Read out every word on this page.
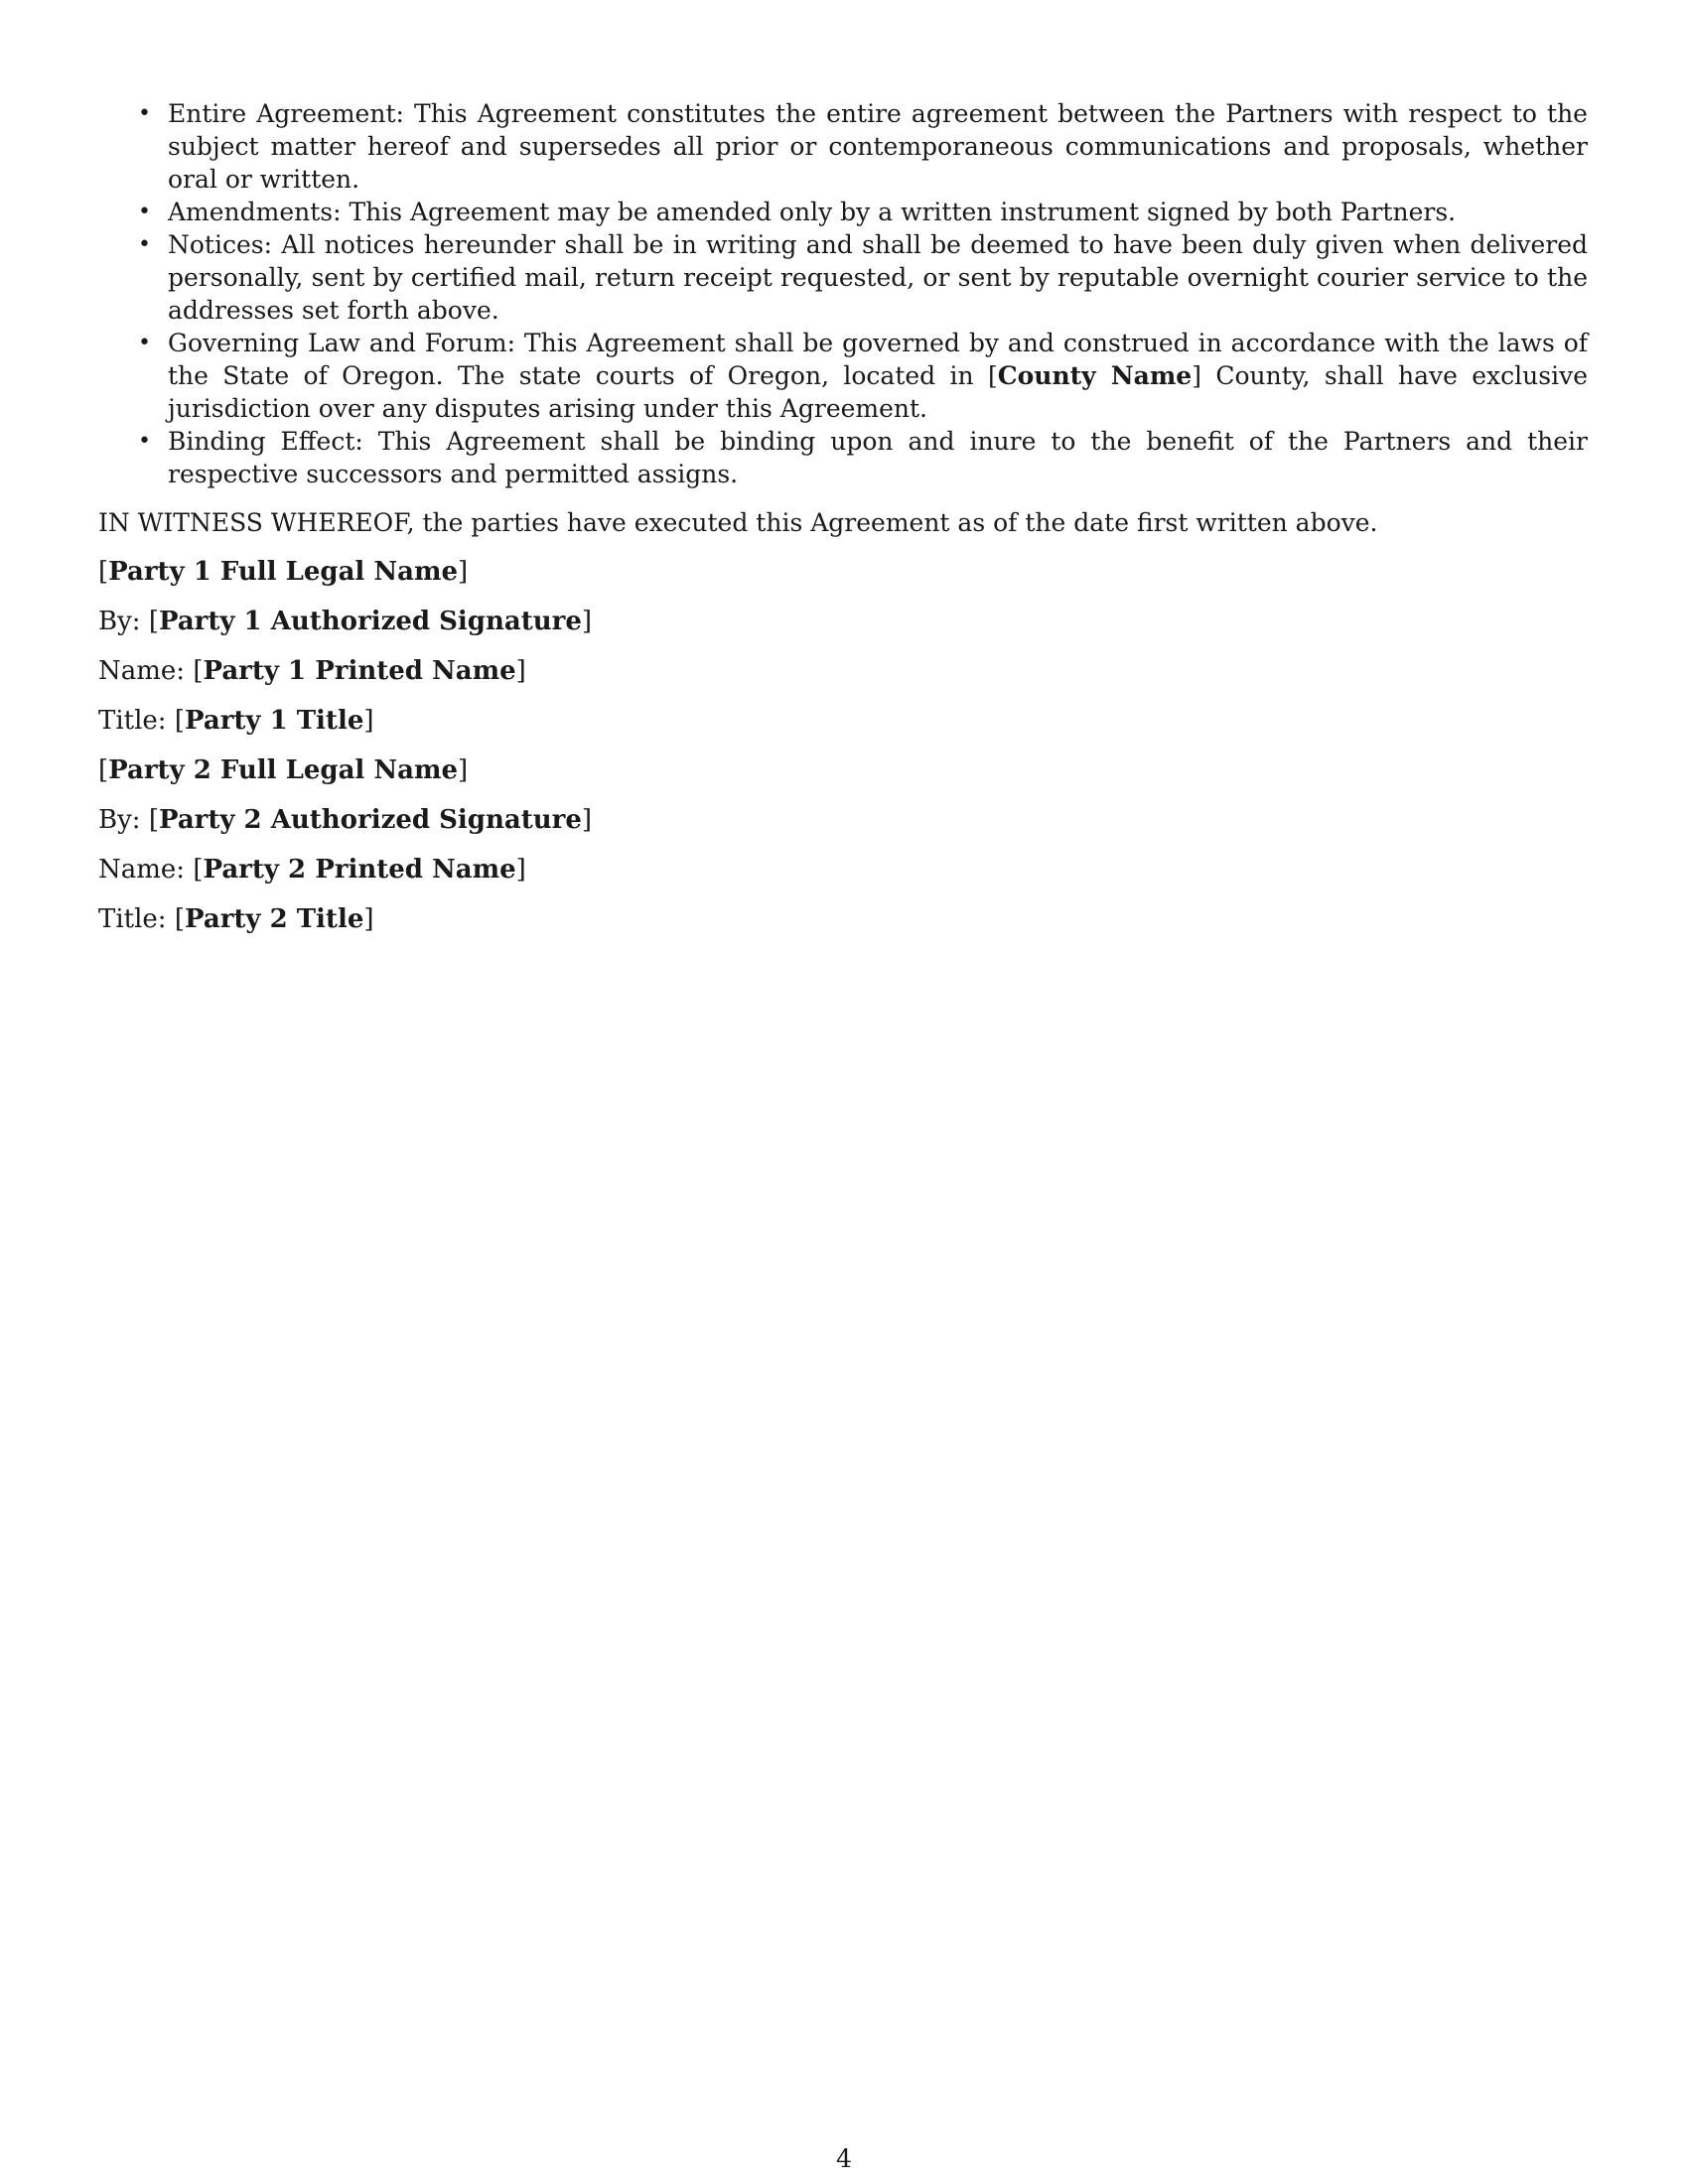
• Entire Agreement: This Agreement constitutes the entire agreement between the Partners with respect to the subject matter hereof and supersedes all prior or contemporaneous communications and proposals, whether oral or written.
• Amendments: This Agreement may be amended only by a written instrument signed by both Partners.
• Notices: All notices hereunder shall be in writing and shall be deemed to have been duly given when delivered personally, sent by certified mail, return receipt requested, or sent by reputable overnight courier service to the addresses set forth above.
• Governing Law and Forum: This Agreement shall be governed by and construed in accordance with the laws of the State of Oregon. The state courts of Oregon, located in [County Name] County, shall have exclusive jurisdiction over any disputes arising under this Agreement.
• Binding Effect: This Agreement shall be binding upon and inure to the benefit of the Partners and their respective successors and permitted assigns.
IN WITNESS WHEREOF, the parties have executed this Agreement as of the date first written above.
[Party 1 Full Legal Name]
By: [Party 1 Authorized Signature]
Name: [Party 1 Printed Name]
Title: [Party 1 Title]
[Party 2 Full Legal Name]
By: [Party 2 Authorized Signature]
Name: [Party 2 Printed Name]
Title: [Party 2 Title]
4
